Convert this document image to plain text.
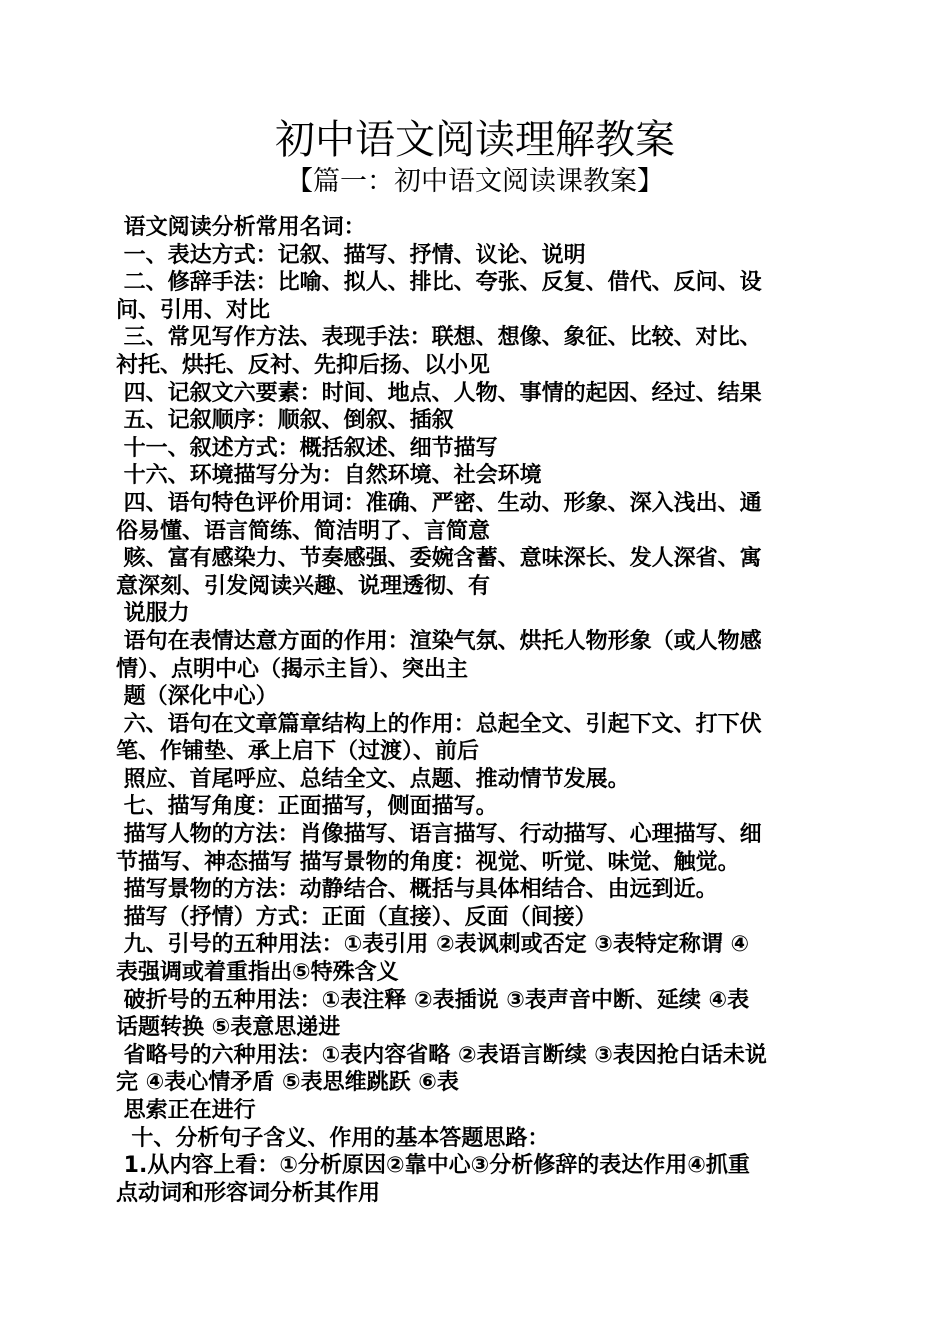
初中语文阅读理解教案
【篇一：初中语文阅读课教案】
语文阅读分析常用名词：
一、表达方式：记叙、描写、抒情、议论、说明
二、修辞手法：比喻、拟人、排比、夸张、反复、借代、反问、设
问、引用、对比
三、常见写作方法、表现手法：联想、想像、象征、比较、对比、
衬托、烘托、反衬、先抑后扬、以小见
四、记叙文六要素：时间、地点、人物、事情的起因、经过、结果
五、记叙顺序：顺叙、倒叙、插叙
十一、叙述方式：概括叙述、细节描写
十六、环境描写分为：自然环境、社会环境
四、语句特色评价用词：准确、严密、生动、形象、深入浅出、通
俗易懂、语言简练、简洁明了、言简意
赅、富有感染力、节奏感强、委婉含蓄、意味深长、发人深省、寓
意深刻、引发阅读兴趣、说理透彻、有
说服力
语句在表情达意方面的作用：渲染气氛、烘托人物形象（或人物感
情）、点明中心（揭示主旨）、突出主
题（深化中心）
六、语句在文章篇章结构上的作用：总起全文、引起下文、打下伏
笔、作铺垫、承上启下（过渡）、前后
照应、首尾呼应、总结全文、点题、推动情节发展。
七、描写角度：正面描写，侧面描写。
描写人物的方法：肖像描写、语言描写、行动描写、心理描写、细
节描写、神态描写 描写景物的角度：视觉、听觉、味觉、触觉。
描写景物的方法：动静结合、概括与具体相结合、由远到近。
描写（抒情）方式：正面（直接）、反面（间接）
九、引号的五种用法：①表引用 ②表讽刺或否定 ③表特定称谓 ④
表强调或着重指出⑤特殊含义
破折号的五种用法：①表注释 ②表插说 ③表声音中断、延续 ④表
话题转换 ⑤表意思递进
省略号的六种用法：①表内容省略 ②表语言断续 ③表因抢白话未说
完 ④表心情矛盾 ⑤表思维跳跃 ⑥表
思索正在进行
十、分析句子含义、作用的基本答题思路：
1.从内容上看：①分析原因②靠中心③分析修辞的表达作用④抓重
点动词和形容词分析其作用
